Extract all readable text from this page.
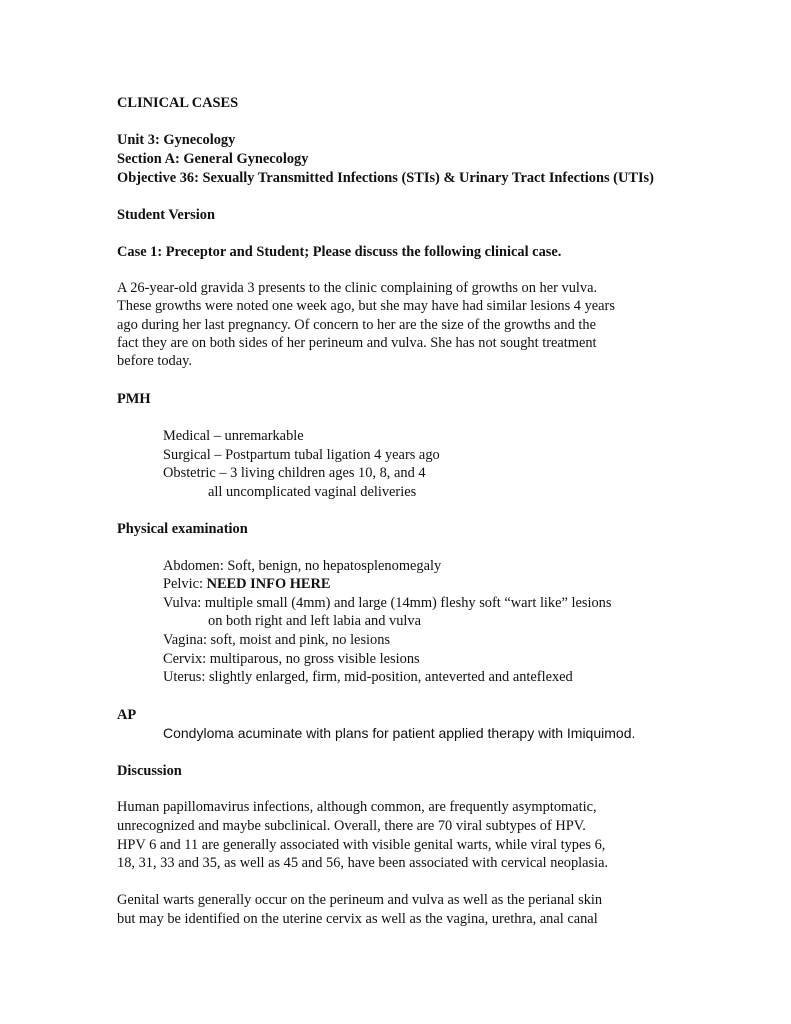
CLINICAL CASES
Unit 3: Gynecology
Section A: General Gynecology
Objective 36: Sexually Transmitted Infections (STIs) & Urinary Tract Infections (UTIs)
Student Version
Case 1: Preceptor and Student; Please discuss the following clinical case.
A 26-year-old gravida 3 presents to the clinic complaining of growths on her vulva.
These growths were noted one week ago, but she may have had similar lesions 4 years
ago during her last pregnancy. Of concern to her are the size of the growths and the
fact they are on both sides of her perineum and vulva. She has not sought treatment
before today.
PMH
Medical – unremarkable
Surgical – Postpartum tubal ligation 4 years ago
Obstetric – 3 living children ages 10, 8, and 4
all uncomplicated vaginal deliveries
Physical examination
Abdomen: Soft, benign, no hepatosplenomegaly
Pelvic: NEED INFO HERE
Vulva: multiple small (4mm) and large (14mm) fleshy soft “wart like” lesions
on both right and left labia and vulva
Vagina: soft, moist and pink, no lesions
Cervix: multiparous, no gross visible lesions
Uterus: slightly enlarged, firm, mid-position, anteverted and anteflexed
AP
Condyloma acuminate with plans for patient applied therapy with Imiquimod.
Discussion
Human papillomavirus infections, although common, are frequently asymptomatic,
unrecognized and maybe subclinical. Overall, there are 70 viral subtypes of HPV.
HPV 6 and 11 are generally associated with visible genital warts, while viral types 6,
18, 31, 33 and 35, as well as 45 and 56, have been associated with cervical neoplasia.
Genital warts generally occur on the perineum and vulva as well as the perianal skin
but may be identified on the uterine cervix as well as the vagina, urethra, anal canal
